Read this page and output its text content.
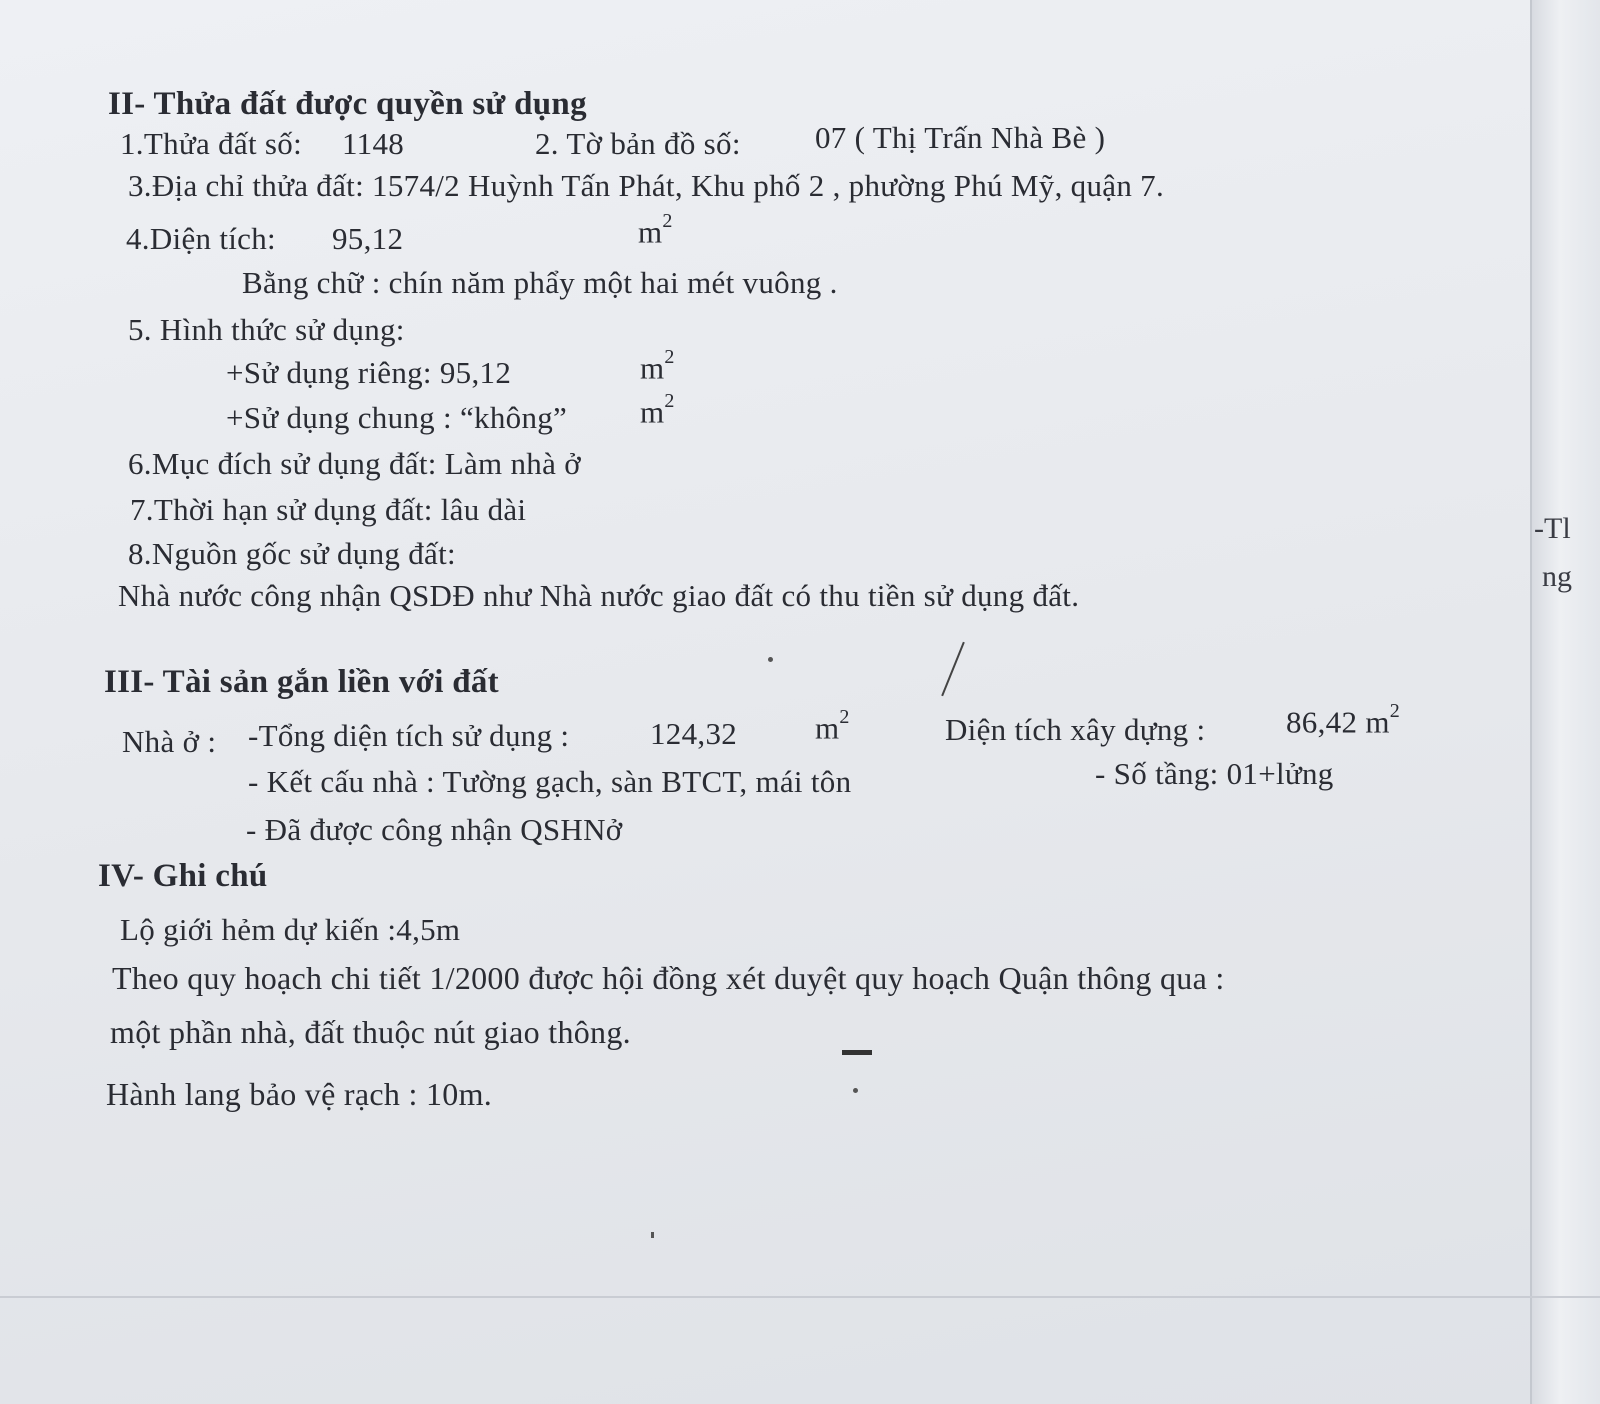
II- Thửa đất được quyền sử dụng
1.Thửa đất số: 1148	2. Tờ bản đồ số: 07 ( Thị Trấn Nhà Bè )
3.Địa chỉ thửa đất: 1574/2 Huỳnh Tấn Phát, Khu phố 2 , phường Phú Mỹ, quận 7.
4.Diện tích: 95,12	$m^2$
Bằng chữ : chín năm phẩy một hai mét vuông .
5. Hình thức sử dụng:
+Sử dụng riêng: 95,12	$m^2$
+Sử dụng chung : “không” $m^2$
6.Mục đích sử dụng đất: Làm nhà ở
7.Thời hạn sử dụng đất: lâu dài
8.Nguồn gốc sử dụng đất:
Nhà nước công nhận QSDĐ như Nhà nước giao đất có thu tiền sử dụng đất.
III- Tài sản gắn liền với đất
Nhà ở : -Tổng diện tích sử dụng :	124,32	$m^2$	Diện tích xây dựng :	86,42 $m^2$
- Kết cấu nhà : Tường gạch, sàn BTCT, mái tôn	- Số tầng: 01+lửng
- Đã được công nhận QSHNở
IV- Ghi chú
Lộ giới hẻm dự kiến :4,5m
Theo quy hoạch chi tiết 1/2000 được hội đồng xét duyệt quy hoạch Quận thông qua :
một phần nhà, đất thuộc nút giao thông.
Hành lang bảo vệ rạch : 10m.
-Tl
ng
